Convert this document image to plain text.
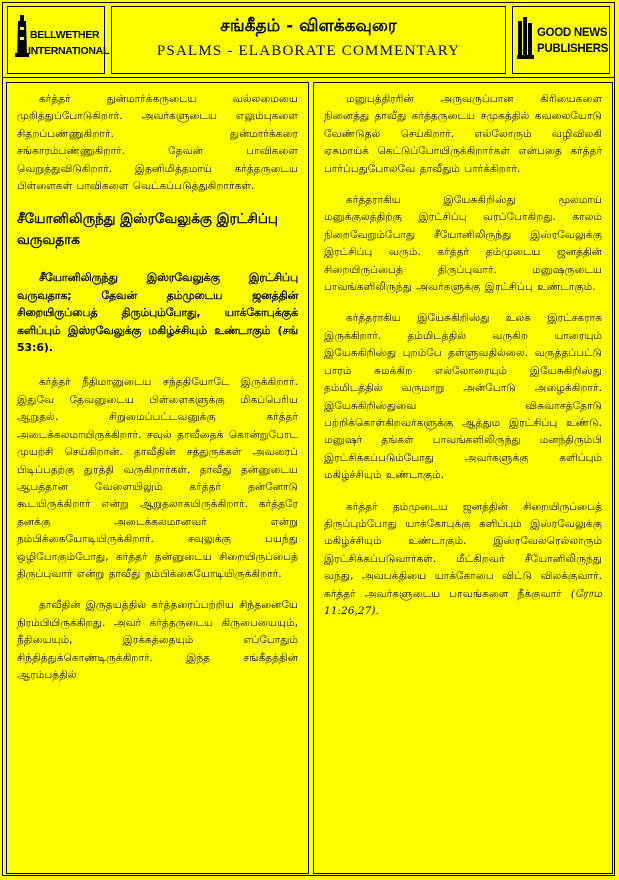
BELLWETHER
INTERNATIONAL
சங்கீதம் - விளக்கவுரை
PSALMS - ELABORATE COMMENTARY
GOOD NEWS
PUBLISHERS

கர்த்தர் துன்மார்க்கருடைய வல்லமையை முறித்துப்போடுகிறார். அவர்களுடைய எலும்புகளை சிதறப்பண்ணுகிறார். துன்மார்க்கரை சங்காரம்பண்ணுகிறார். தேவன் பாவிகளை வெறுத்துவிடுகிறார். இதனிமித்தமாய் கர்த்தருடைய பிள்ளைகள் பாவிகளை வெட்கப்படுத்துகிறார்கள்.

சீயோனிலிருந்து இஸ்ரவேலுக்கு இரட்சிப்பு வருவதாக

சீயோனிலிருந்து இஸ்ரவேலுக்கு இரட்சிப்பு வருவதாக; தேவன் தம்முடைய ஜனத்தின் சிறையிருப்பைத் திரும்பும்போது, யாக்கோபுக்குக் களிப்பும் இஸ்ரவேலுக்கு மகிழ்ச்சியும் உண்டாகும் (சங் 53:6).

கர்த்தர் நீதிமானுடைய சந்ததியோடே இருக்கிறார். இதுவே தேவனுடைய பிள்ளைகளுக்கு மிகப்பெரிய ஆறுதல். சிறுமைப்பட்டவனுக்கு கர்த்தர் அடைக்கலமாயிருக்கிறார். சவுல் தாவீதைக் கொன்றுபோட முயற்சி செய்கிறான். தாவீதின் சத்துருக்கள் அவரைப் பிடிப்பதற்கு துரத்தி வருகிறார்கள். தாவீது தன்னுடைய ஆபத்தான வேளையிலும் கர்த்தர் தன்னோடு கூடயிருக்கிறார் என்று ஆறுதலாகயிருக்கிறார். கர்த்தரே தனக்கு அடைக்கலமானவர் என்று நம்பிக்கையோடியிருக்கிறார். சவுலுக்கு பயந்து ஒழிபோகும்போது, கர்த்தர் தன்னுடைய சிறையிருப்பைத் திருப்புவார் என்று தாவீது நம்பிக்கையோடியிருக்கிறார்.

தாவீதின் இருதயத்தில் கர்த்தரைப்பற்றிய சிந்தனையே நிரம்பியிருக்கிறது. அவர் கர்த்தருடைய கிருபையையும், நீதியையும், இரக்கத்தையும் எப்போதும் சிந்தித்துக்கொண்டிருக்கிறார். இந்த சங்கீதத்தின் ஆரம்பத்தில்

மனுபுத்திரரின் அருவருப்பான கிரியைகளை நினைத்து தாவீது கர்த்தருடைய சமுகத்தில் கவலையோடு வேண்டுதல் செய்கிறார். எல்லோரும் வழிவிலகி ஏகமாய்க் கெட்டுப்போயிருக்கிறார்கள் என்பதை கர்த்தர் பார்ப்பதுபோலவே தாவீதும் பார்க்கிறார்.

கர்த்தராகிய இயேசுகிறிஸ்து மூலமாய் மனுக்குலத்திற்கு இரட்சிப்பு வரப்போகிறது. காலம் நிறைவேறும்போது சீயோனிலிருந்து இஸ்ரவேலுக்கு இரட்சிப்பு வரும். கர்த்தர் தம்முடைய ஜனத்தின் சிறையிருப்பைத் திருப்புவார். மனுஷருடைய பாவங்களிலிருந்து அவர்களுக்கு இரட்சிப்பு உண்டாகும்.

கர்த்தராகிய இயேசுகிறிஸ்து உலக இரட்சகராக இருக்கிறார். தம்மிடத்தில் வருகிற யாரையும் இயேசுகிறிஸ்து புறம்பே தள்ளுவதில்லை. வருத்தப்பட்டு பாரம் சுமக்கிற எல்லோரையும் இயேசுகிறிஸ்து தம்மிடத்தில் வருமாறு அன்போடு அழைக்கிறார். இயேசுகிறிஸ்துவை விசுவாசத்தோடு பற்றிக்கொள்கிறவர்களுக்கு ஆத்தும இரட்சிப்பு உண்டு. மனுஷர் தங்கள் பாவங்களிலிருந்து மனந்திரும்பி இரட்சிக்கப்படும்போது அவர்களுக்கு களிப்பும் மகிழ்ச்சியும் உண்டாகும்.

கர்த்தர் தம்முடைய ஜனத்தின் சிறையிருப்பைத் திருப்பும்போது யாக்கோபுக்கு களிப்பும் இஸ்ரவேலுக்கு மகிழ்ச்சியும் உண்டாகும். இஸ்ரவேலரெல்லாரும் இரட்சிக்கப்படுவார்கள். மீட்கிறவர் சீயோனிலிருந்து வந்து, அவபக்தியை யாக்கோபை விட்டு விலக்குவார். கர்த்தர் அவர்களுடைய பாவங்களை நீக்குவார் (ரோம 11:26,27).
